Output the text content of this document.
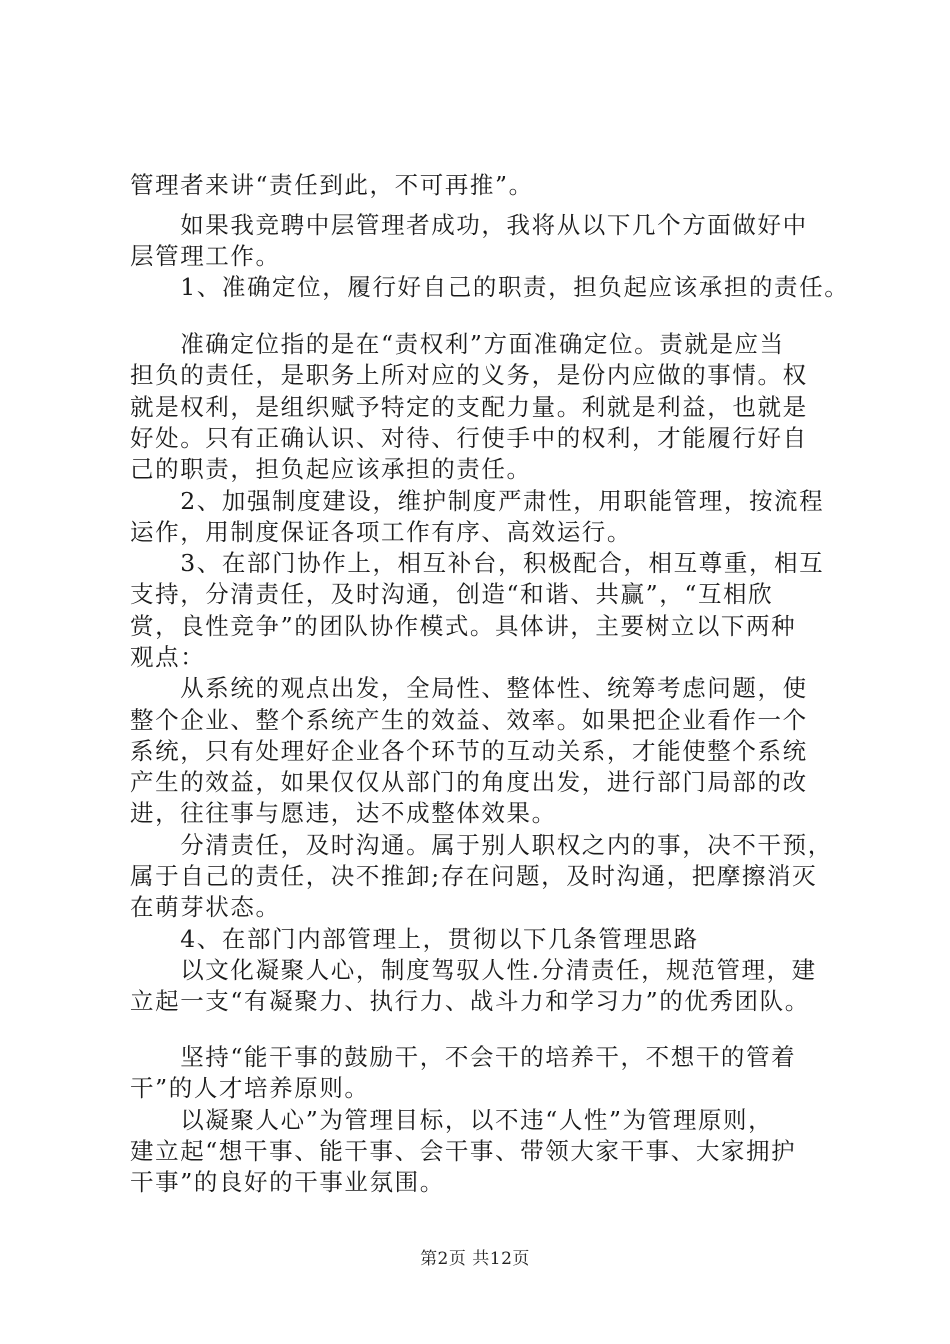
管理者来讲“责任到此，不可再推”。
　　如果我竞聘中层管理者成功，我将从以下几个方面做好中
层管理工作。
　　1、准确定位，履行好自己的职责，担负起应该承担的责任。
　　准确定位指的是在“责权利”方面准确定位。责就是应当
担负的责任，是职务上所对应的义务，是份内应做的事情。权
就是权利，是组织赋予特定的支配力量。利就是利益，也就是
好处。只有正确认识、对待、行使手中的权利，才能履行好自
己的职责，担负起应该承担的责任。
　　2、加强制度建设，维护制度严肃性，用职能管理，按流程
运作，用制度保证各项工作有序、高效运行。
　　3、在部门协作上，相互补台，积极配合，相互尊重，相互
支持，分清责任，及时沟通，创造“和谐、共赢”，“互相欣
赏，良性竞争”的团队协作模式。具体讲，主要树立以下两种
观点：
　　从系统的观点出发，全局性、整体性、统筹考虑问题，使
整个企业、整个系统产生的效益、效率。如果把企业看作一个
系统，只有处理好企业各个环节的互动关系，才能使整个系统
产生的效益，如果仅仅从部门的角度出发，进行部门局部的改
进，往往事与愿违，达不成整体效果。
　　分清责任，及时沟通。属于别人职权之内的事，决不干预，
属于自己的责任，决不推卸;存在问题，及时沟通，把摩擦消灭
在萌芽状态。
　　4、在部门内部管理上，贯彻以下几条管理思路
　　以文化凝聚人心，制度驾驭人性.分清责任，规范管理，建
立起一支“有凝聚力、执行力、战斗力和学习力”的优秀团队。
　　坚持“能干事的鼓励干，不会干的培养干，不想干的管着
干”的人才培养原则。
　　以凝聚人心”为管理目标，以不违“人性”为管理原则，
建立起“想干事、能干事、会干事、带领大家干事、大家拥护
干事”的良好的干事业氛围。
第2页 共12页
